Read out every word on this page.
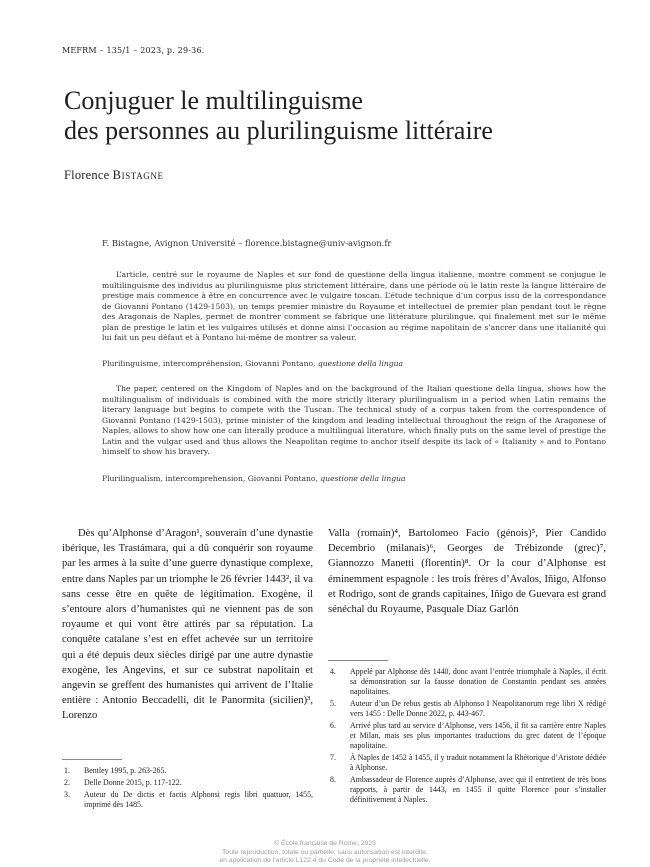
MEFRM – 135/1 – 2023, p. 29-36.
Conjuguer le multilinguisme
des personnes au plurilinguisme littéraire
Florence Bistagne
F. Bistagne, Avignon Université – florence.bistagne@univ-avignon.fr

L’article, centré sur le royaume de Naples et sur fond de questione della lingua italienne, montre comment se conjugue le multilinguisme des individus au plurilinguisme plus strictement littéraire, dans une période où le latin reste la langue littéraire de prestige mais commence à être en concurrence avec le vulgaire toscan. L’étude technique d’un corpus issu de la correspondance de Giovanni Pontano (1429-1503), un temps premier ministre du Royaume et intellectuel de premier plan pendant tout le règne des Aragonais de Naples, permet de montrer comment se fabrique une littérature plurilingue, qui finalement met sur le même plan de prestige le latin et les vulgaires utilisés et donne ainsi l’occasion au régime napolitain de s’ancrer dans une italianité qui lui fait un peu défaut et à Pontano lui-même de montrer sa valeur.

Plurilinguisme, intercompréhension, Giovanni Pontano, questione della lingua

The paper, centered on the Kingdom of Naples and on the background of the Italian questione della lingua, shows how the multilingualism of individuals is combined with the more strictly literary plurilingualism in a period when Latin remains the literary language but begins to compete with the Tuscan. The technical study of a corpus taken from the correspondence of Giovanni Pontano (1429-1503), prime minister of the kingdom and leading intellectual throughout the reign of the Aragonese of Naples, allows to show how one can literally produce a multilingual literature, which finally puts on the same level of prestige the Latin and the vulgar used and thus allows the Neapolitan regime to anchor itself despite its lack of « Italianity » and to Pontano himself to show his bravery.

Plurilingualism, intercomprehension, Giovanni Pontano, questione della lingua

Dès qu’Alphonse d’Aragon¹, souverain d’une dynastie ibérique, les Trastámara, qui a dû conquérir son royaume par les armes à la suite d’une guerre dynastique complexe, entre dans Naples par un triomphe le 26 février 1443², il va sans cesse être en quête de légitimation. Exogène, il s’entoure alors d’humanistes qui ne viennent pas de son royaume et qui vont être attirés par sa réputation. La conquête catalane s’est en effet achevée sur un territoire qui a été depuis deux siècles dirigé par une autre dynastie exogène, les Angevins, et sur ce substrat napolitain et angevin se greffent des humanistes qui arrivent de l’Italie entière : Antonio Beccadelli, dit le Panormita (sicilien)³, Lorenzo

Valla (romain)⁴, Bartolomeo Facio (génois)⁵, Pier Candido Decembrio (milanais)⁶, Georges de Trébizonde (grec)⁷, Giannozzo Manetti (florentin)⁸. Or la cour d’Alphonse est éminemment espagnole : les trois frères d’Avalos, Iñigo, Alfonso et Rodrigo, sont de grands capitaines, Iñigo de Guevara est grand sénéchal du Royaume, Pasquale Diaz Garlón

4. Appelé par Alphonse dès 1440, donc avant l’entrée triomphale à Naples, il écrit sa démonstration sur la fausse donation de Constantin pendant ses années napolitaines.
5. Auteur d’un De rebus gestis ab Alphonso I Neapolitanorum rege libri X rédigé vers 1455 : Delle Donne 2022, p. 443-467.
6. Arrivé plus tard au service d’Alphonse, vers 1456, il fit sa carrière entre Naples et Milan, mais ses plus importantes traductions du grec datent de l’époque napolitaine.
7. À Naples de 1452 à 1455, il y traduit notamment la Rhétorique d’Aristote dédiée à Alphonse.
8. Ambassadeur de Florence auprès d’Alphonse, avec qui il entretient de très bons rapports, à partir de 1443, en 1455 il quitte Florence pour s’installer définitivement à Naples.
1. Bentley 1995, p. 263-265.
2. Delle Donne 2015, p. 117-122.
3. Auteur du De dictis et factis Alphonsi regis libri quattuor, 1455, imprimé dès 1485.
© École française de Rome, 2023
Toute reproduction, totale ou partielle, sans autorisation est interdite,
en application de l’article L122.4 du Code de la propriété intellectuelle.
